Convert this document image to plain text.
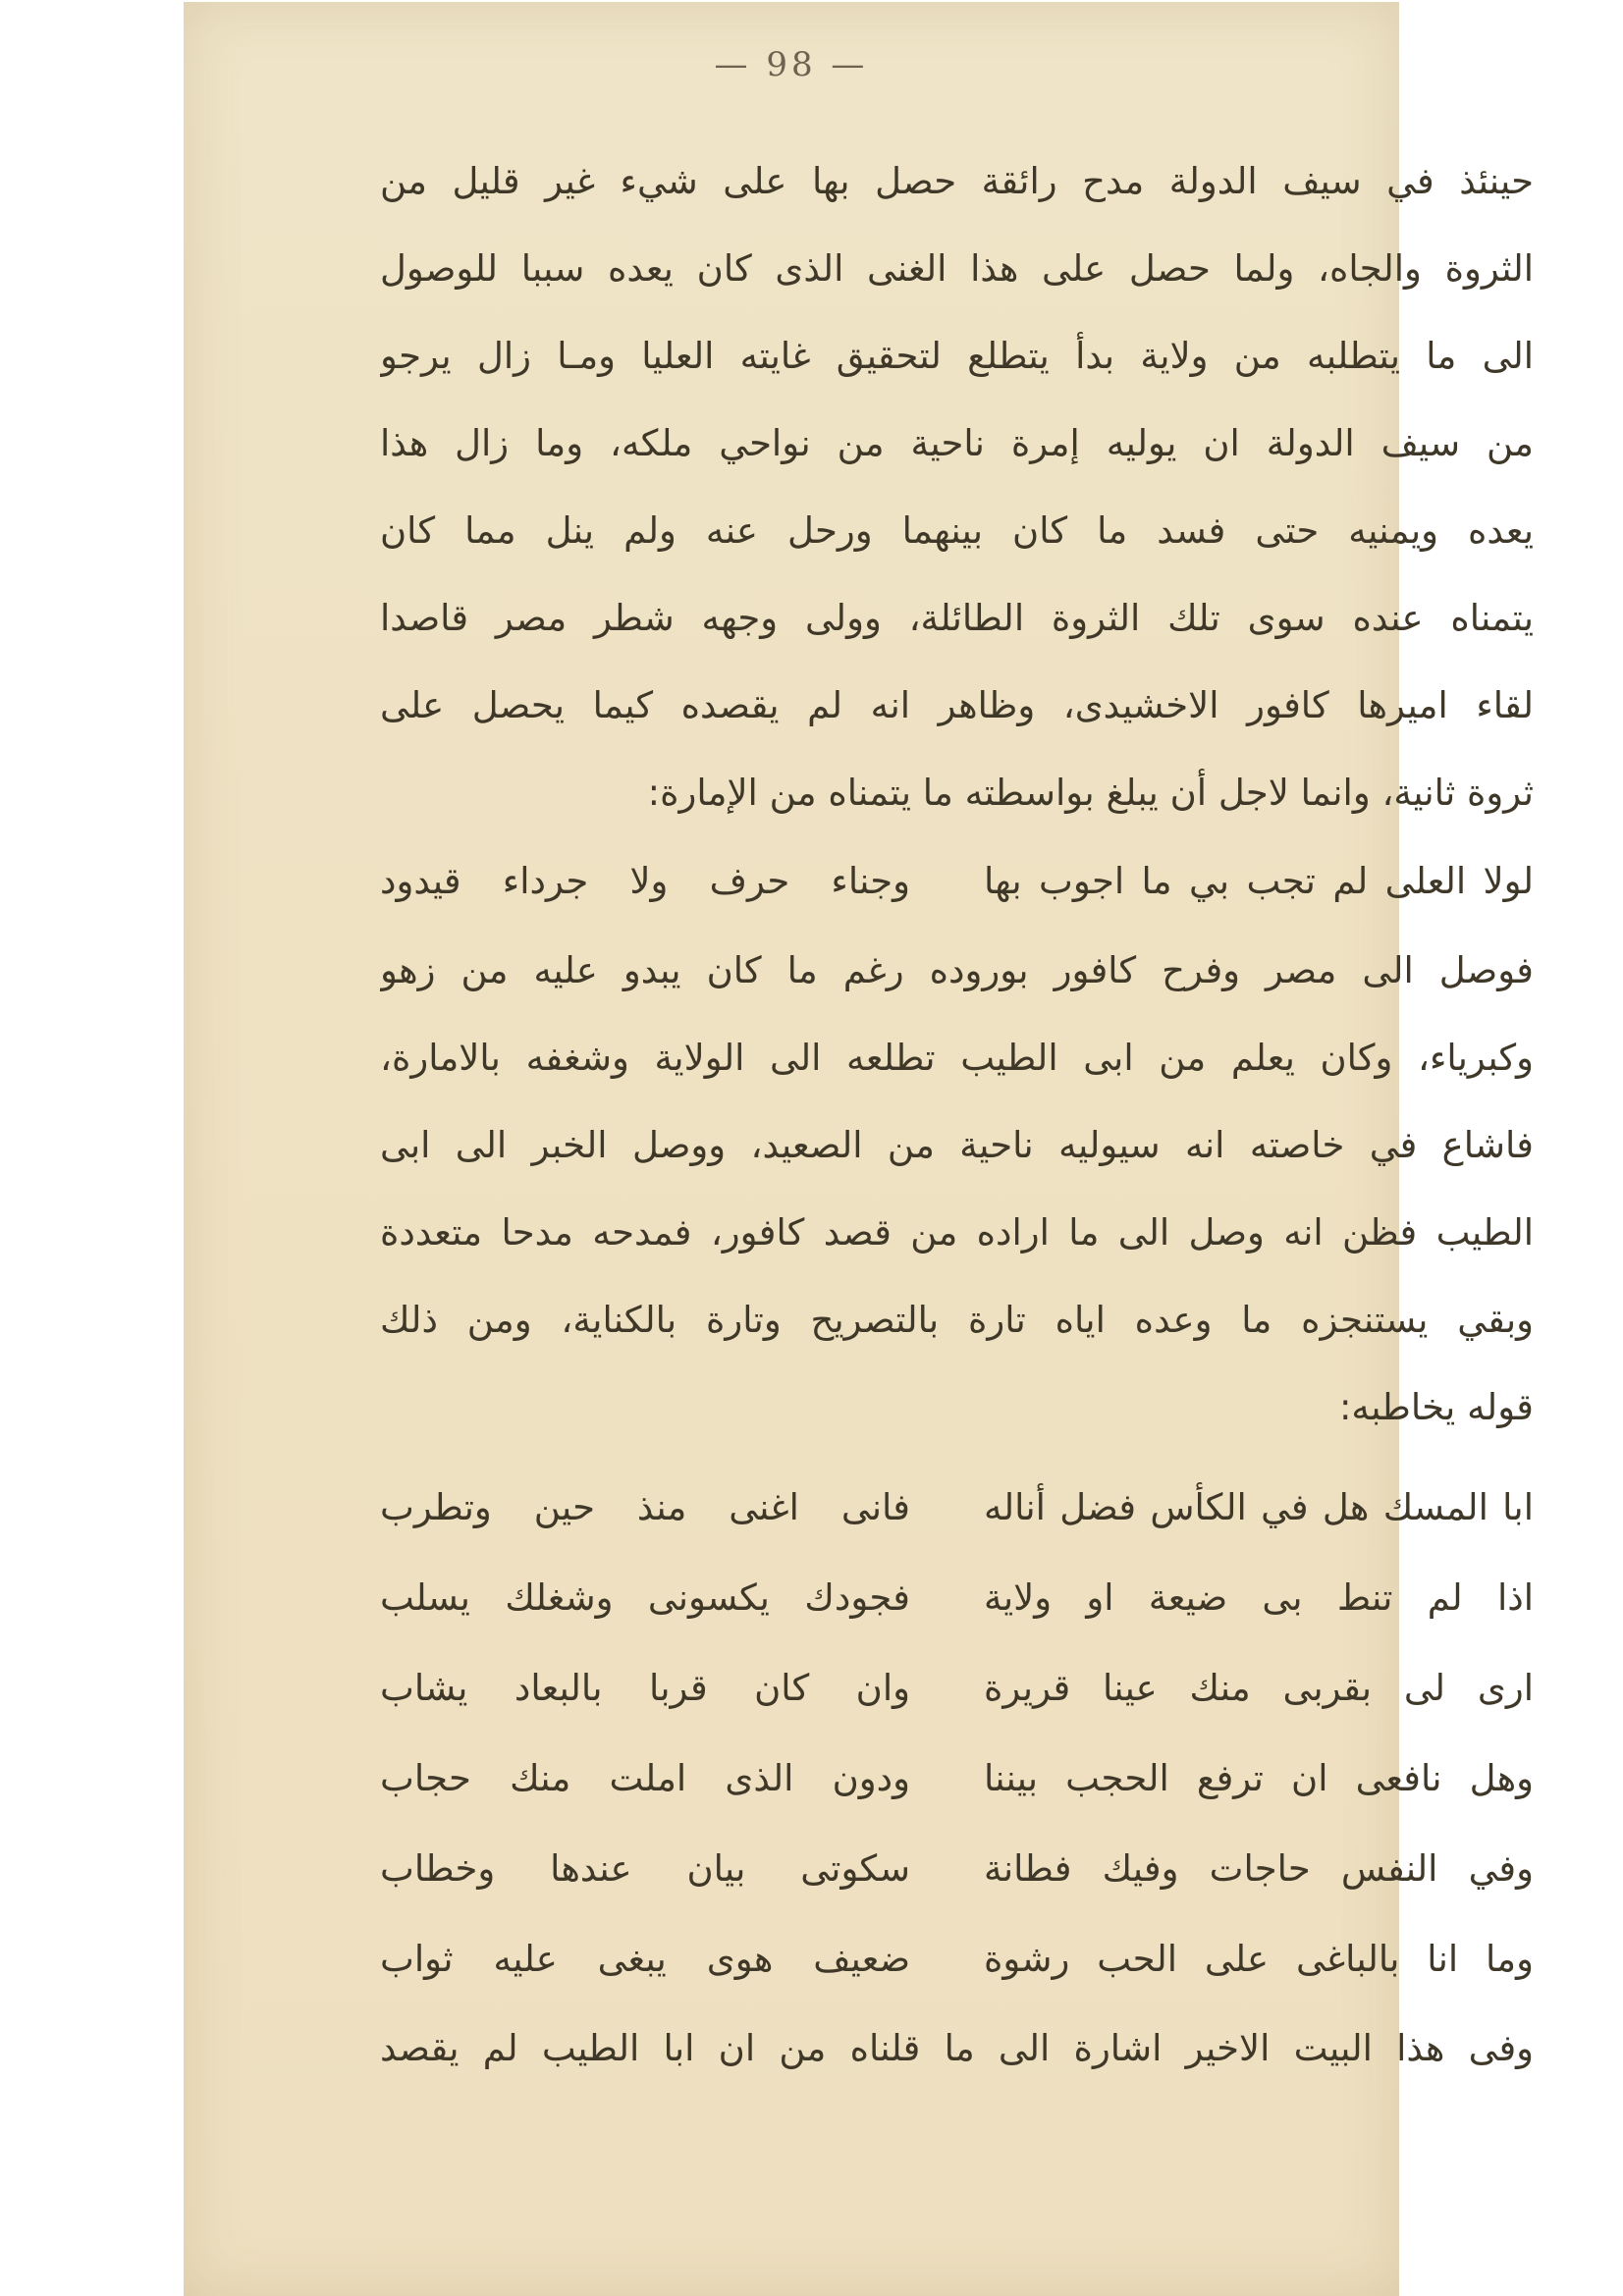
— 98 —
حينئذ في سيف الدولة مدح رائقة حصل بها على شيء غير قليل من
الثروة والجاه، ولما حصل على هذا الغنى الذى كان يعده سببا للوصول
الى ما يتطلبه من ولاية بدأ يتطلع لتحقيق غايته العليا ومـا زال يرجو
من سيف الدولة ان يوليه إمرة ناحية من نواحي ملكه، وما زال هذا
يعده ويمنيه حتى فسد ما كان بينهما ورحل عنه ولم ينل مما كان
يتمناه عنده سوى تلك الثروة الطائلة، وولى وجهه شطر مصر قاصدا
لقاء اميرها كافور الاخشيدى، وظاهر انه لم يقصده كيما يحصل على
ثروة ثانية، وانما لاجل أن يبلغ بواسطته ما يتمناه من الإمارة:
لولا العلى لم تجب بي ما اجوب بها
وجناء حرف ولا جرداء قيدود
فوصل الى مصر وفرح كافور بوروده رغم ما كان يبدو عليه من زهو
وكبرياء، وكان يعلم من ابى الطيب تطلعه الى الولاية وشغفه بالامارة،
فاشاع في خاصته انه سيوليه ناحية من الصعيد، ووصل الخبر الى ابى
الطيب فظن انه وصل الى ما اراده من قصد كافور، فمدحه مدحا متعددة
وبقي يستنجزه ما وعده اياه تارة بالتصريح وتارة بالكناية، ومن ذلك
قوله يخاطبه:
ابا المسك هل في الكأس فضل أناله
فانى اغنى منذ حين وتطرب
اذا لم تنط بى ضيعة او ولاية
فجودك يكسونى وشغلك يسلب
ارى لى بقربى منك عينا قريرة
وان كان قربا بالبعاد يشاب
وهل نافعى ان ترفع الحجب بيننا
ودون الذى املت منك حجاب
وفي النفس حاجات وفيك فطانة
سكوتى بيان عندها وخطاب
وما انا بالباغى على الحب رشوة
ضعيف هوى يبغى عليه ثواب
وفى هذا البيت الاخير اشارة الى ما قلناه من ان ابا الطيب لم يقصد
